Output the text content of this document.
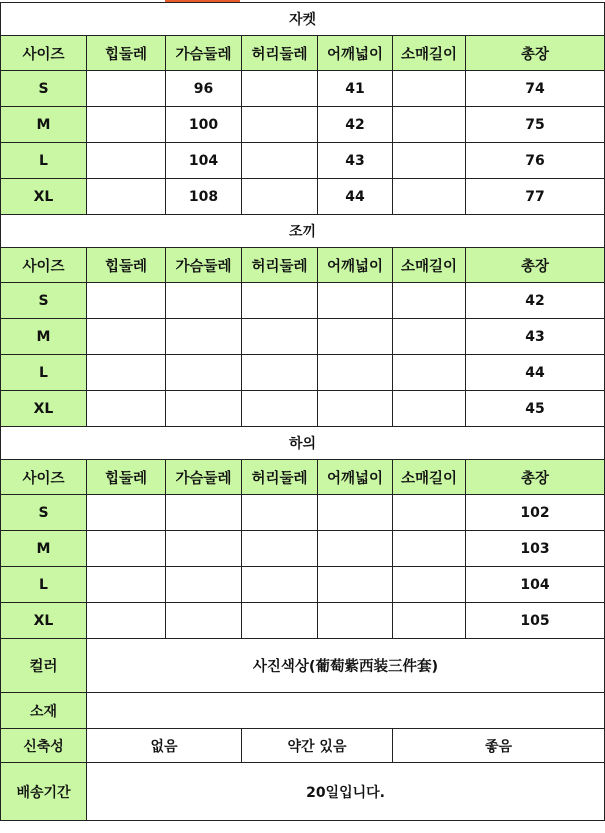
자켓						
사이즈	힙둘레	가슴둘레	허리둘레	어깨넓이	소매길이	총장
S		96		41		74
M		100		42		75
L		104		43		76
XL		108		44		77
조끼						
사이즈	힙둘레	가슴둘레	허리둘레	어깨넓이	소매길이	총장
S						42
M						43
L						44
XL						45
하의						
사이즈	힙둘레	가슴둘레	허리둘레	어깨넓이	소매길이	총장
S						102
M						103
L						104
XL						105
컬러	사진색상(葡萄紫西装三件套)					
소재						
신축성	없음		약간 있음		좋음	
배송기간	20일입니다.					
